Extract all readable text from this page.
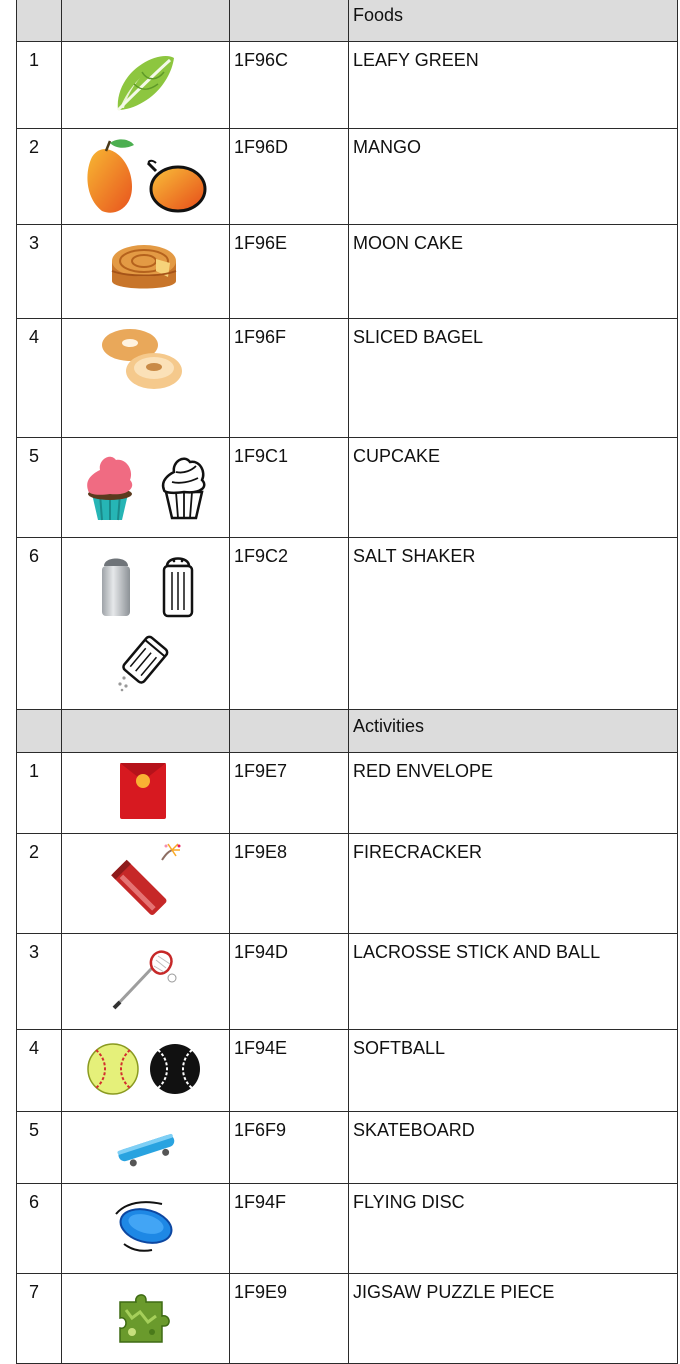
			Foods
1		1F96C	LEAFY GREEN
2		1F96D	MANGO
3		1F96E	MOON CAKE
4		1F96F	SLICED BAGEL
5		1F9C1	CUPCAKE
6		1F9C2	SALT SHAKER
			Activities
1		1F9E7	RED ENVELOPE
2		1F9E8	FIRECRACKER
3		1F94D	LACROSSE STICK AND BALL
4		1F94E	SOFTBALL
5		1F6F9	SKATEBOARD
6		1F94F	FLYING DISC
7		1F9E9	JIGSAW PUZZLE PIECE
